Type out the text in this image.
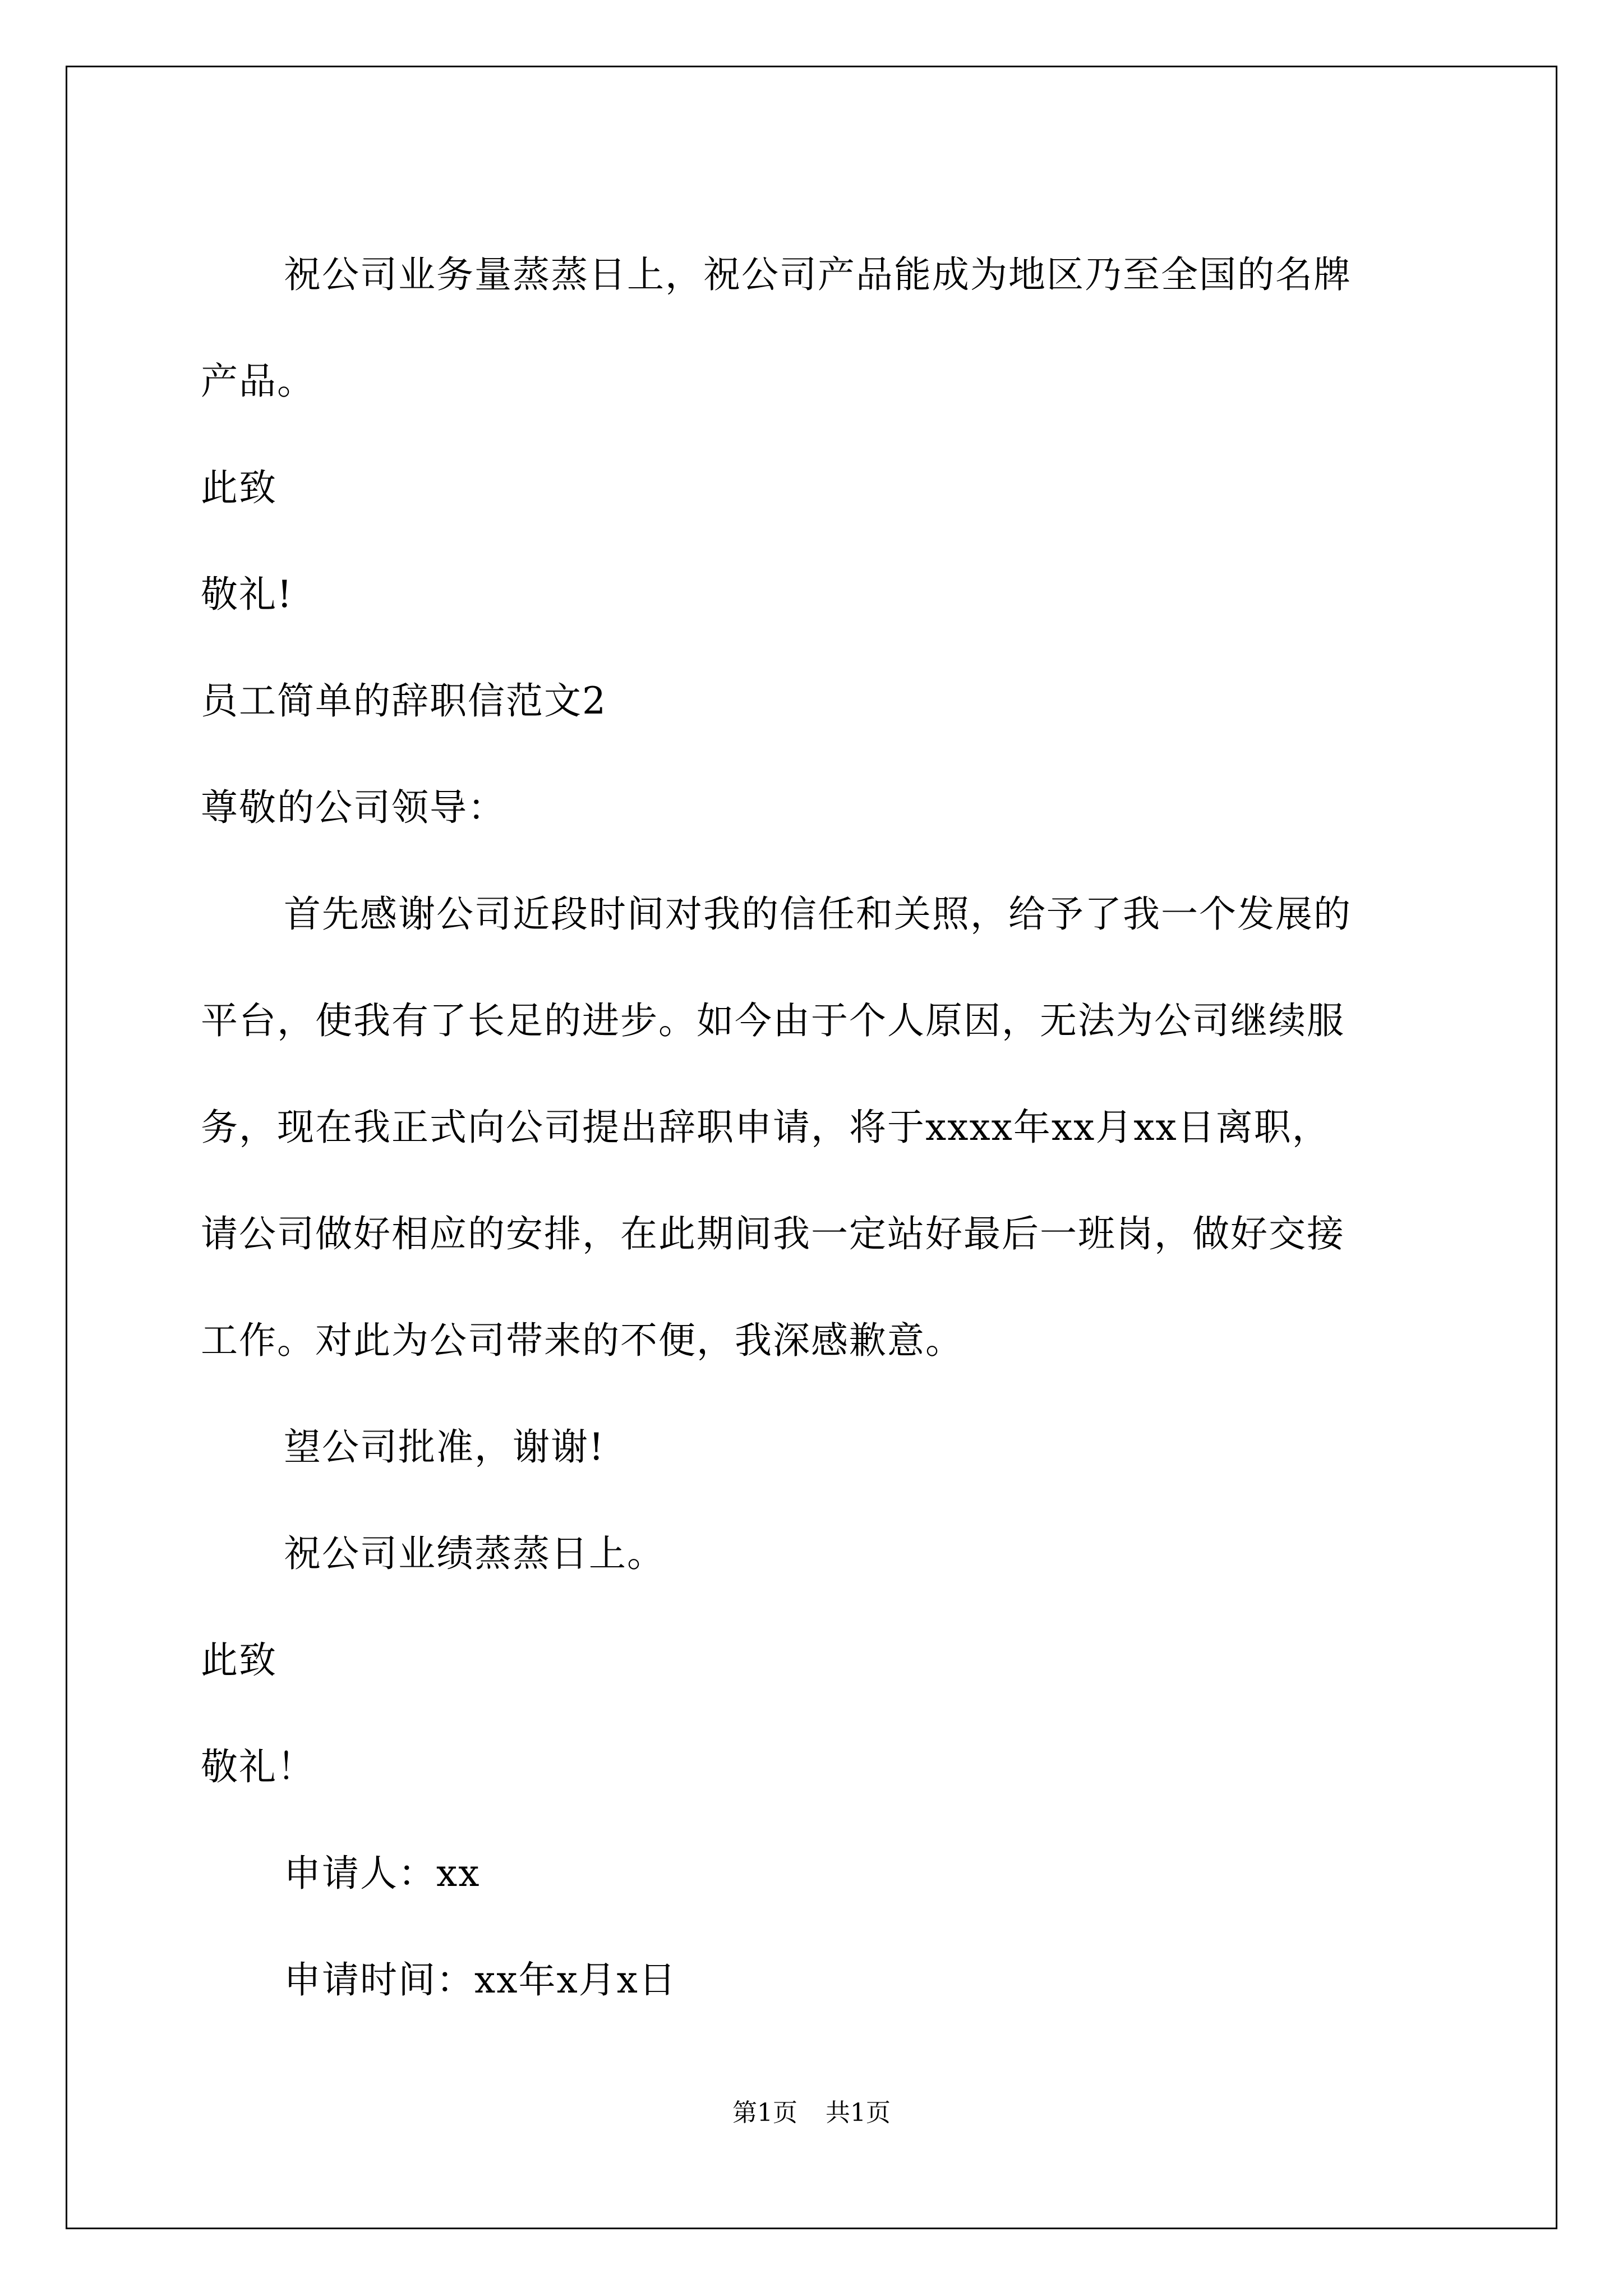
祝公司业务量蒸蒸日上，祝公司产品能成为地区乃至全国的名牌
产品。

此致

敬礼!

员工简单的辞职信范文2

尊敬的公司领导：

首先感谢公司近段时间对我的信任和关照，给予了我一个发展的
平台，使我有了长足的进步。如今由于个人原因，无法为公司继续服
务，现在我正式向公司提出辞职申请，将于xxxx年xx月xx日离职，
请公司做好相应的安排，在此期间我一定站好最后一班岗，做好交接
工作。对此为公司带来的不便，我深感歉意。

望公司批准，谢谢!

祝公司业绩蒸蒸日上。

此致

敬礼！

申请人：xx

申请时间：xx年x月x日

第1页 共1页
